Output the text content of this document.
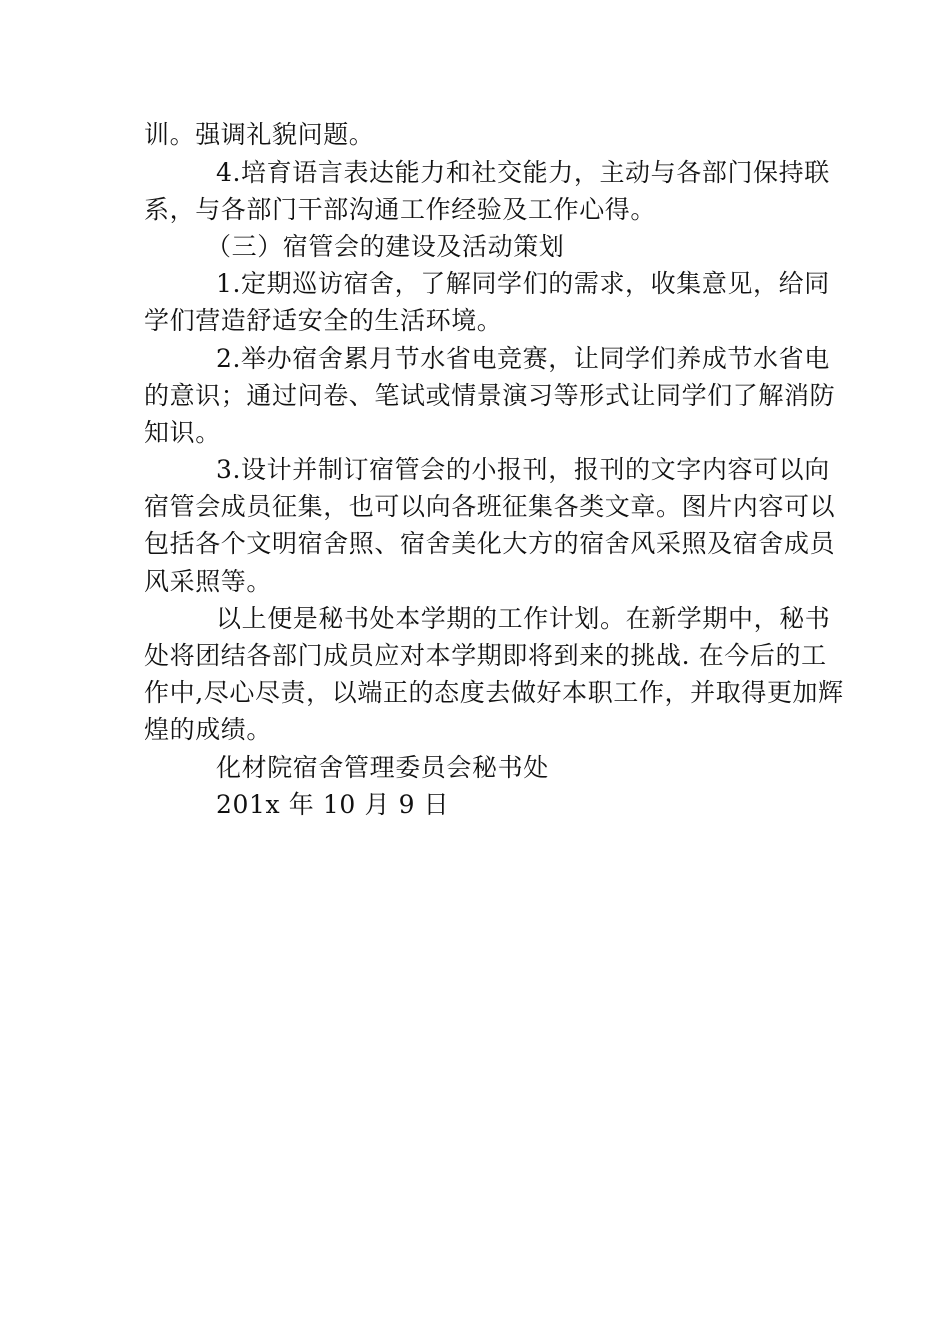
训。强调礼貌问题。
4.培育语言表达能力和社交能力，主动与各部门保持联
系，与各部门干部沟通工作经验及工作心得。
（三）宿管会的建设及活动策划
1.定期巡访宿舍，了解同学们的需求，收集意见，给同
学们营造舒适安全的生活环境。
2.举办宿舍累月节水省电竞赛，让同学们养成节水省电
的意识；通过问卷、笔试或情景演习等形式让同学们了解消防
知识。
3.设计并制订宿管会的小报刊，报刊的文字内容可以向
宿管会成员征集，也可以向各班征集各类文章。图片内容可以
包括各个文明宿舍照、宿舍美化大方的宿舍风采照及宿舍成员
风采照等。
以上便是秘书处本学期的工作计划。在新学期中，秘书
处将团结各部门成员应对本学期即将到来的挑战. 在今后的工
作中,尽心尽责，以端正的态度去做好本职工作，并取得更加辉
煌的成绩。
化材院宿舍管理委员会秘书处
201x 年 10 月 9 日
